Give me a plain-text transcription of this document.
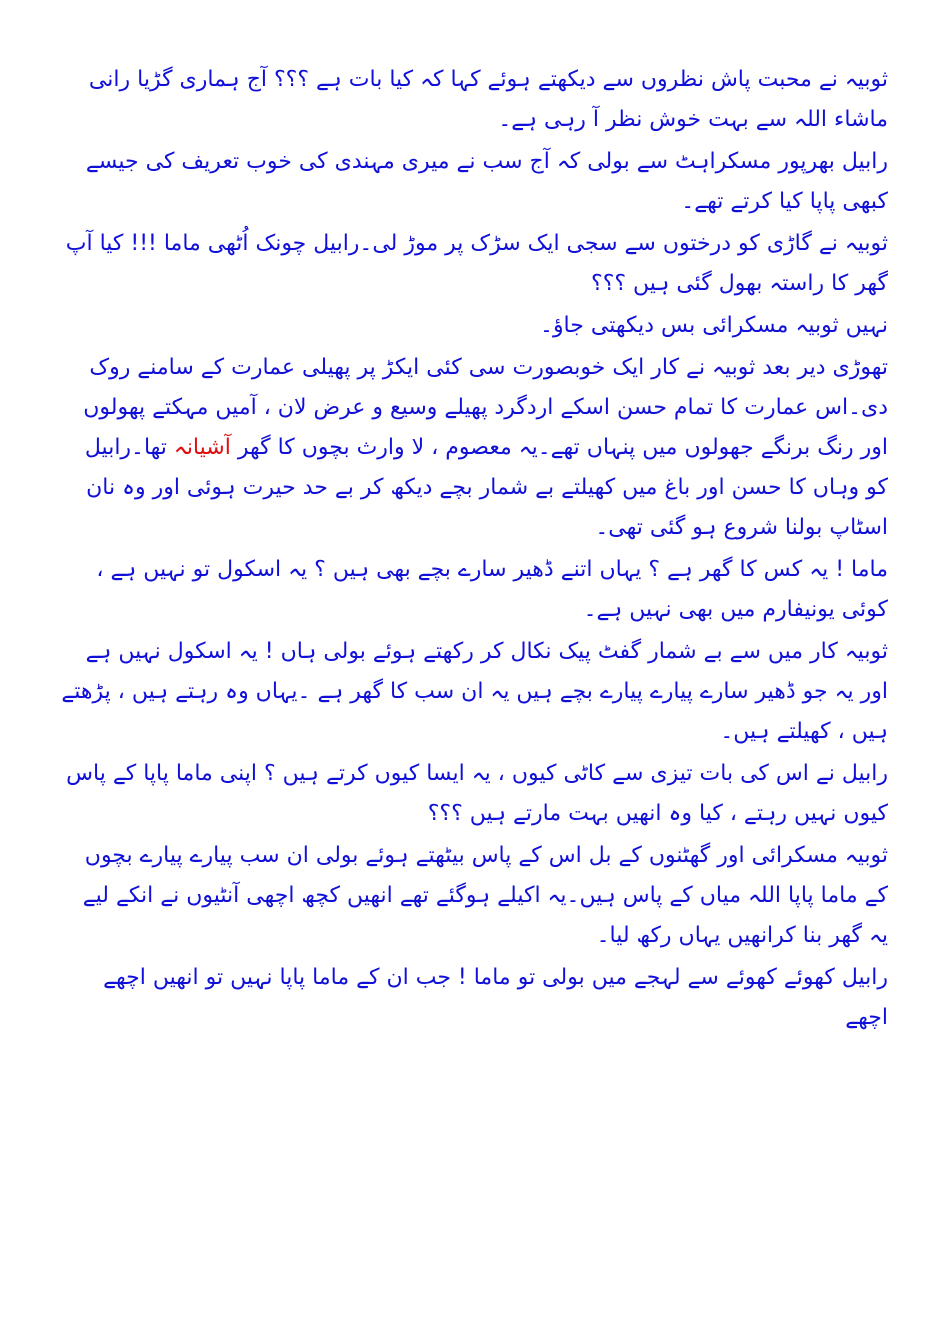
ثوبیہ نے محبت پاش نظروں سے دیکھتے ہوئے کہا کہ کیا بات ہے ؟؟؟ آج ہماری گڑیا رانی ماشاء اللہ سے بہت خوش نظر آ رہی ہے۔

رابیل بھرپور مسکراہٹ سے بولی کہ آج سب نے میری مہندی کی خوب تعریف کی جیسے کبھی پاپا کیا کرتے تھے۔

ثوبیہ نے گاڑی کو درختوں سے سجی ایک سڑک پر موڑ لی۔رابیل چونک اُٹھی ماما !!! کیا آپ گھر کا راستہ بھول گئی ہیں ؟؟؟

نہیں ثوبیہ مسکرائی بس دیکھتی جاؤ۔

تھوڑی دیر بعد ثوبیہ نے کار ایک خوبصورت سی کئی ایکڑ پر پھیلی عمارت کے سامنے روک دی۔اس عمارت کا تمام حسن اسکے اردگرد پھیلے وسیع و عرض لان ، آمیں مہکتے پھولوں اور رنگ برنگے جھولوں میں پنہاں تھے۔یہ معصوم ، لا وارث بچوں کا گھر آشیانہ تھا۔رابیل کو وہاں کا حسن اور باغ میں کھیلتے بے شمار بچے دیکھ کر بے حد حیرت ہوئی اور وہ نان اسٹاپ بولنا شروع ہو گئی تھی۔

ماما ! یہ کس کا گھر ہے ؟ یہاں اتنے ڈھیر سارے بچے بھی ہیں ؟ یہ اسکول تو نہیں ہے ، کوئی یونیفارم میں بھی نہیں ہے۔

ثوبیہ کار میں سے بے شمار گفٹ پیک نکال کر رکھتے ہوئے بولی ہاں ! یہ اسکول نہیں ہے اور یہ جو ڈھیر سارے پیارے پیارے بچے ہیں یہ ان سب کا گھر ہے ۔یہاں وہ رہتے ہیں ، پڑھتے ہیں ، کھیلتے ہیں۔

رابیل نے اس کی بات تیزی سے کاٹی کیوں ، یہ ایسا کیوں کرتے ہیں ؟ اپنی ماما پاپا کے پاس کیوں نہیں رہتے ، کیا وہ انھیں بہت مارتے ہیں ؟؟؟

ثوبیہ مسکرائی اور گھٹنوں کے بل اس کے پاس بیٹھتے ہوئے بولی ان سب پیارے پیارے بچوں کے ماما پاپا اللہ میاں کے پاس ہیں۔یہ اکیلے ہوگئے تھے انھیں کچھ اچھی آنٹیوں نے انکے لیے یہ گھر بنا کرانھیں یہاں رکھ لیا۔

رابیل کھوئے کھوئے سے لہجے میں بولی تو ماما ! جب ان کے ماما پاپا نہیں تو انھیں اچھے اچھے
